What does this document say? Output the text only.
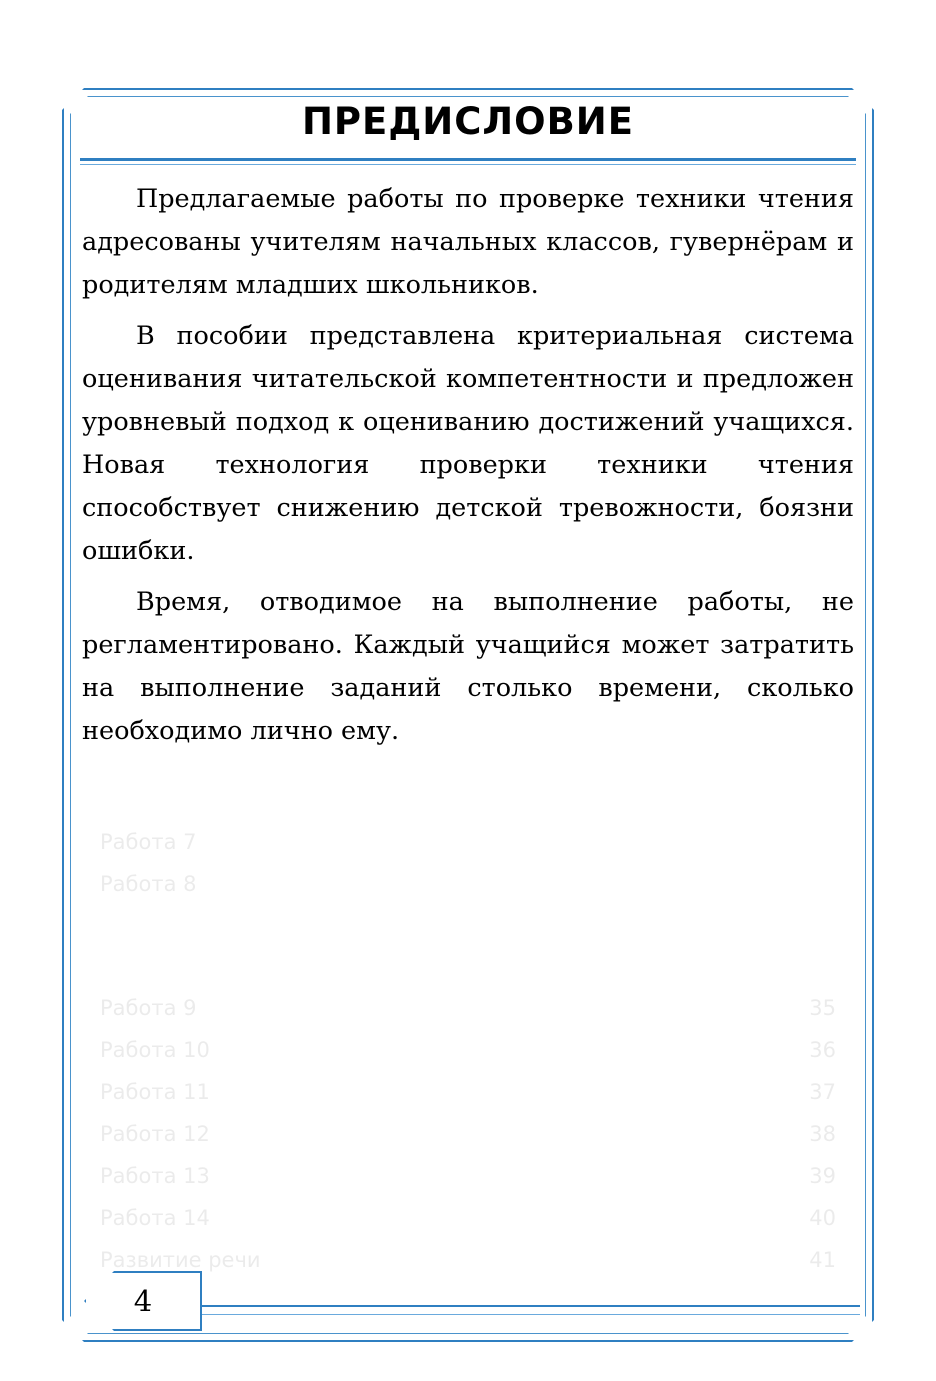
Работа 7
Работа 8
Работа 9
Работа 10
Работа 11
Работа 12
Работа 13
Работа 14
Развитие речи
35
36
37
38
39
40
41
ПРЕДИСЛОВИЕ

Предлагаемые работы по проверке техники чтения адресованы учителям начальных классов, гувернёрам и родителям младших школьников.

В пособии представлена критериальная система оценивания читательской компетентности и предложен уровневый подход к оцениванию достижений учащихся. Новая технология проверки техники чтения способствует снижению детской тревожности, боязни ошибки.

Время, отводимое на выполнение работы, не регламентировано. Каждый учащийся может затратить на выполнение заданий столько времени, сколько необходимо лично ему.

4
